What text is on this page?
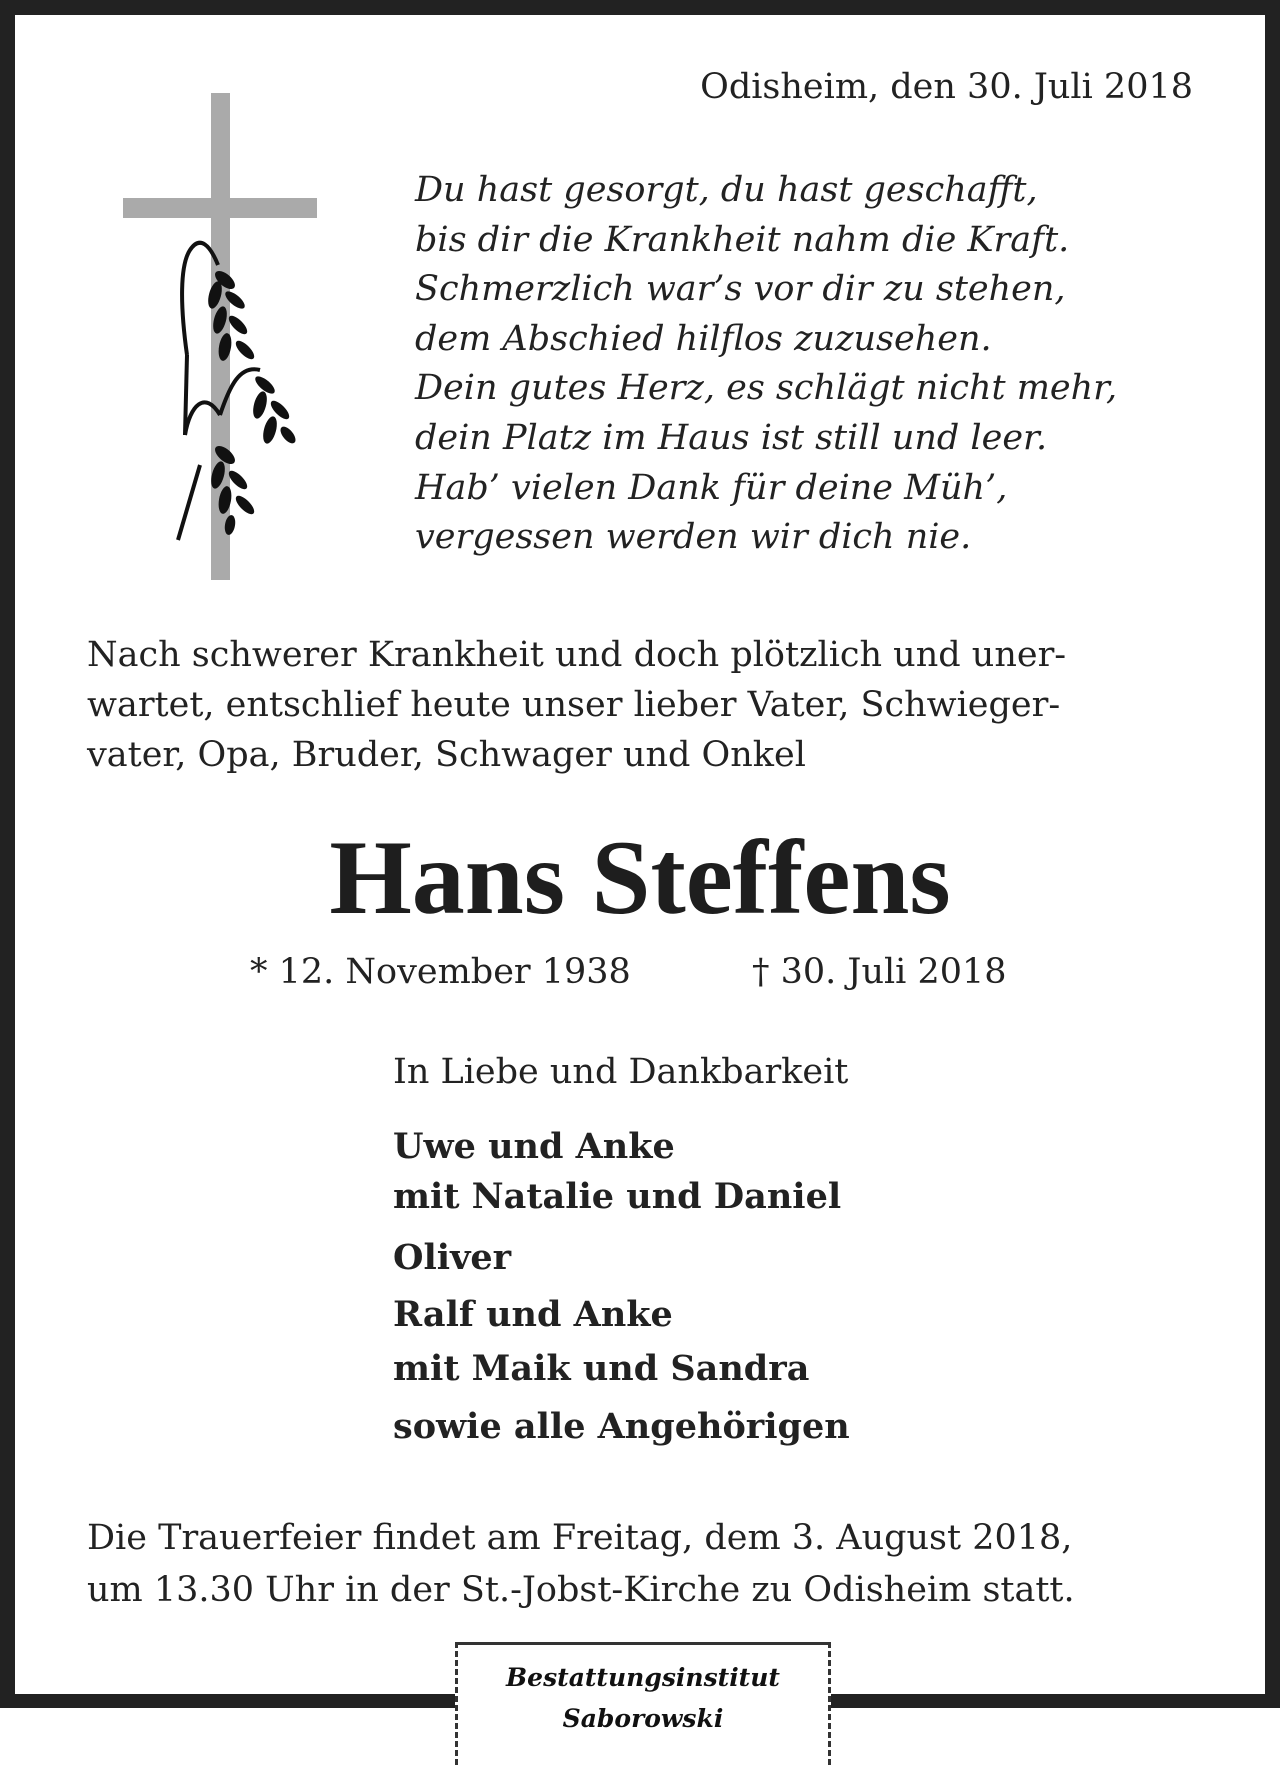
Odisheim, den 30. Juli 2018
Du hast gesorgt, du hast geschafft,
bis dir die Krankheit nahm die Kraft.
Schmerzlich war’s vor dir zu stehen,
dem Abschied hilflos zuzusehen.
Dein gutes Herz, es schlägt nicht mehr,
dein Platz im Haus ist still und leer.
Hab’ vielen Dank für deine Müh’,
vergessen werden wir dich nie.
Nach schwerer Krankheit und doch plötzlich und uner-
wartet, entschlief heute unser lieber Vater, Schwieger-
vater, Opa, Bruder, Schwager und Onkel
Hans Steffens
* 12. November 1938	† 30. Juli 2018
In Liebe und Dankbarkeit
Uwe und Anke
mit Natalie und Daniel
Oliver
Ralf und Anke
mit Maik und Sandra
sowie alle Angehörigen
Die Trauerfeier findet am Freitag, dem 3. August 2018,
um 13.30 Uhr in der St.-Jobst-Kirche zu Odisheim statt.
Bestattungsinstitut
Saborowski
